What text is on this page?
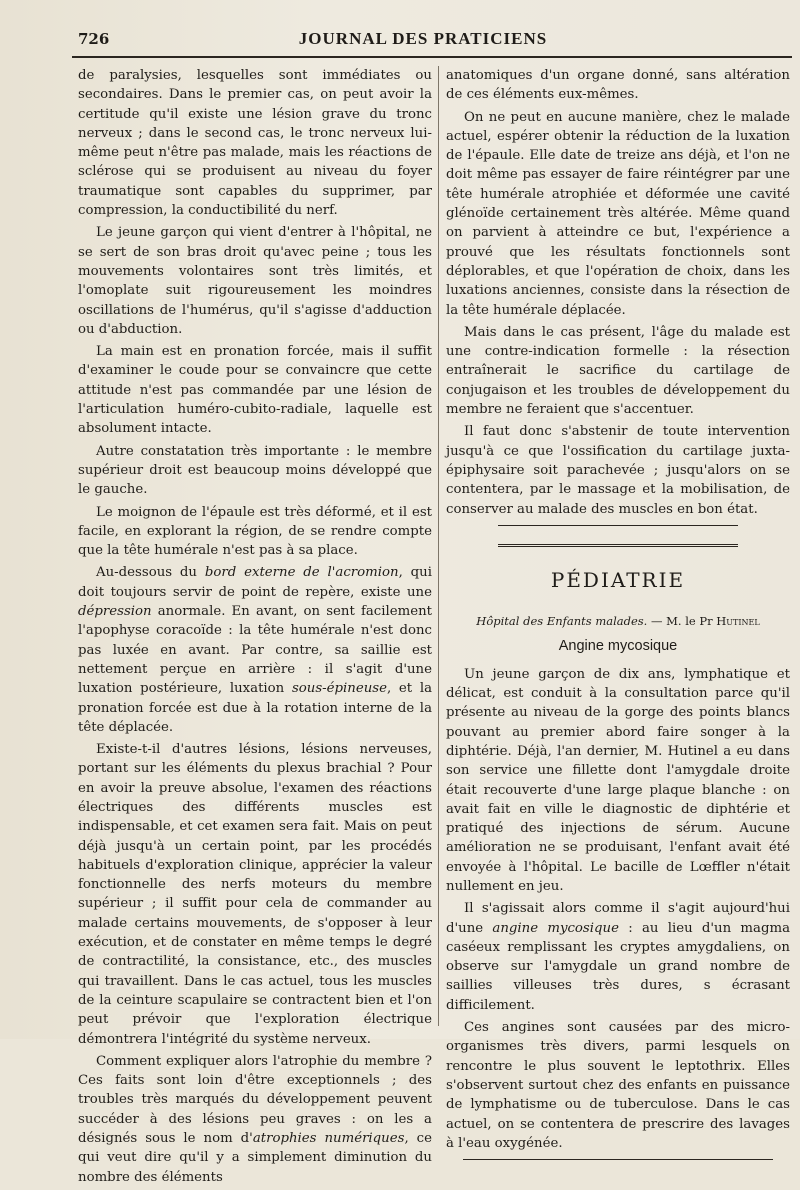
726	JOURNAL DES PRATICIENS

de paralysies, lesquelles sont immédiates ou secondaires. Dans le premier cas, on peut avoir la certitude qu'il existe une lésion grave du tronc nerveux ; dans le second cas, le tronc nerveux lui-même peut n'être pas malade, mais les réactions de sclérose qui se produisent au niveau du foyer traumatique sont capables du supprimer, par compression, la conductibilité du nerf.

Le jeune garçon qui vient d'entrer à l'hôpital, ne se sert de son bras droit qu'avec peine ; tous les mouvements volontaires sont très limités, et l'omoplate suit rigoureusement les moindres oscillations de l'humérus, qu'il s'agisse d'adduction ou d'abduction.

La main est en pronation forcée, mais il suffit d'examiner le coude pour se convaincre que cette attitude n'est pas commandée par une lésion de l'articulation huméro-cubito-radiale, laquelle est absolument intacte.

Autre constatation très importante : le membre supérieur droit est beaucoup moins développé que le gauche.

Le moignon de l'épaule est très déformé, et il est facile, en explorant la région, de se rendre compte que la tête humérale n'est pas à sa place.

Au-dessous du bord externe de l'acromion, qui doit toujours servir de point de repère, existe une dépression anormale. En avant, on sent facilement l'apophyse coracoïde : la tête humérale n'est donc pas luxée en avant. Par contre, sa saillie est nettement perçue en arrière : il s'agit d'une luxation postérieure, luxation sous-épineuse, et la pronation forcée est due à la rotation interne de la tête déplacée.

Existe-t-il d'autres lésions, lésions nerveuses, portant sur les éléments du plexus brachial ? Pour en avoir la preuve absolue, l'examen des réactions électriques des différents muscles est indispensable, et cet examen sera fait. Mais on peut déjà jusqu'à un certain point, par les procédés habituels d'exploration clinique, apprécier la valeur fonctionnelle des nerfs moteurs du membre supérieur ; il suffit pour cela de commander au malade certains mouvements, de s'opposer à leur exécution, et de constater en même temps le degré de contractilité, la consistance, etc., des muscles qui travaillent. Dans le cas actuel, tous les muscles de la ceinture scapulaire se contractent bien et l'on peut prévoir que l'exploration électrique démontrera l'intégrité du système nerveux.

Comment expliquer alors l'atrophie du membre ? Ces faits sont loin d'être exceptionnels ; des troubles très marqués du développement peuvent succéder à des lésions peu graves : on les a désignés sous le nom d'atrophies numériques, ce qui veut dire qu'il y a simplement diminution du nombre des éléments

anatomiques d'un organe donné, sans altération de ces éléments eux-mêmes.

On ne peut en aucune manière, chez le malade actuel, espérer obtenir la réduction de la luxation de l'épaule. Elle date de treize ans déjà, et l'on ne doit même pas essayer de faire réintégrer par une tête humérale atrophiée et déformée une cavité glénoïde certainement très altérée. Même quand on parvient à atteindre ce but, l'expérience a prouvé que les résultats fonctionnels sont déplorables, et que l'opération de choix, dans les luxations anciennes, consiste dans la résection de la tête humérale déplacée.

Mais dans le cas présent, l'âge du malade est une contre-indication formelle : la résection entraînerait le sacrifice du cartilage de conjugaison et les troubles de développement du membre ne feraient que s'accentuer.

Il faut donc s'abstenir de toute intervention jusqu'à ce que l'ossification du cartilage juxta-épiphysaire soit parachevée ; jusqu'alors on se contentera, par le massage et la mobilisation, de conserver au malade des muscles en bon état.

PÉDIATRIE

Hôpital des Enfants malades. — M. le Pr Hutinel

Angine mycosique

Un jeune garçon de dix ans, lymphatique et délicat, est conduit à la consultation parce qu'il présente au niveau de la gorge des points blancs pouvant au premier abord faire songer à la diphtérie. Déjà, l'an dernier, M. Hutinel a eu dans son service une fillette dont l'amygdale droite était recouverte d'une large plaque blanche : on avait fait en ville le diagnostic de diphtérie et pratiqué des injections de sérum. Aucune amélioration ne se produisant, l'enfant avait été envoyée à l'hôpital. Le bacille de Lœffler n'était nullement en jeu.

Il s'agissait alors comme il s'agit aujourd'hui d'une angine mycosique : au lieu d'un magma caséeux remplissant les cryptes amygdaliens, on observe sur l'amygdale un grand nombre de saillies villeuses très dures, s écrasant difficilement.

Ces angines sont causées par des micro-organismes très divers, parmi lesquels on rencontre le plus souvent le leptothrix. Elles s'observent surtout chez des enfants en puissance de lymphatisme ou de tuberculose. Dans le cas actuel, on se contentera de prescrire des lavages à l'eau oxygénée.
